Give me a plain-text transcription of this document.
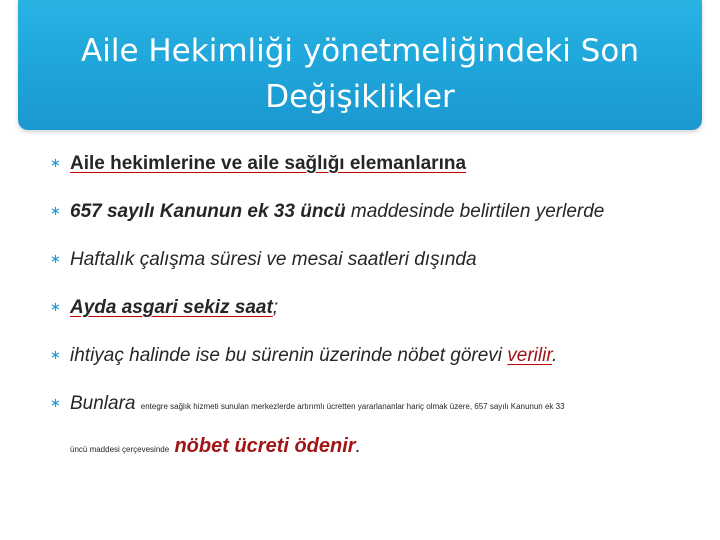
Aile Hekimliği yönetmeliğindeki Son
Değişiklikler
∗ Aile hekimlerine ve aile sağlığı elemanlarına
∗ 657 sayılı Kanunun ek 33 üncü maddesinde belirtilen yerlerde
∗ Haftalık çalışma süresi ve mesai saatleri dışında
∗ Ayda asgari sekiz saat;
∗ ihtiyaç halinde ise bu sürenin üzerinde nöbet görevi verilir.
∗ Bunlara entegre sağlık hizmeti sunulan merkezlerde artırımlı ücretten yararlananlar hariç olmak üzere, 657 sayılı Kanunun ek 33
üncü maddesi çerçevesinde nöbet ücreti ödenir.
